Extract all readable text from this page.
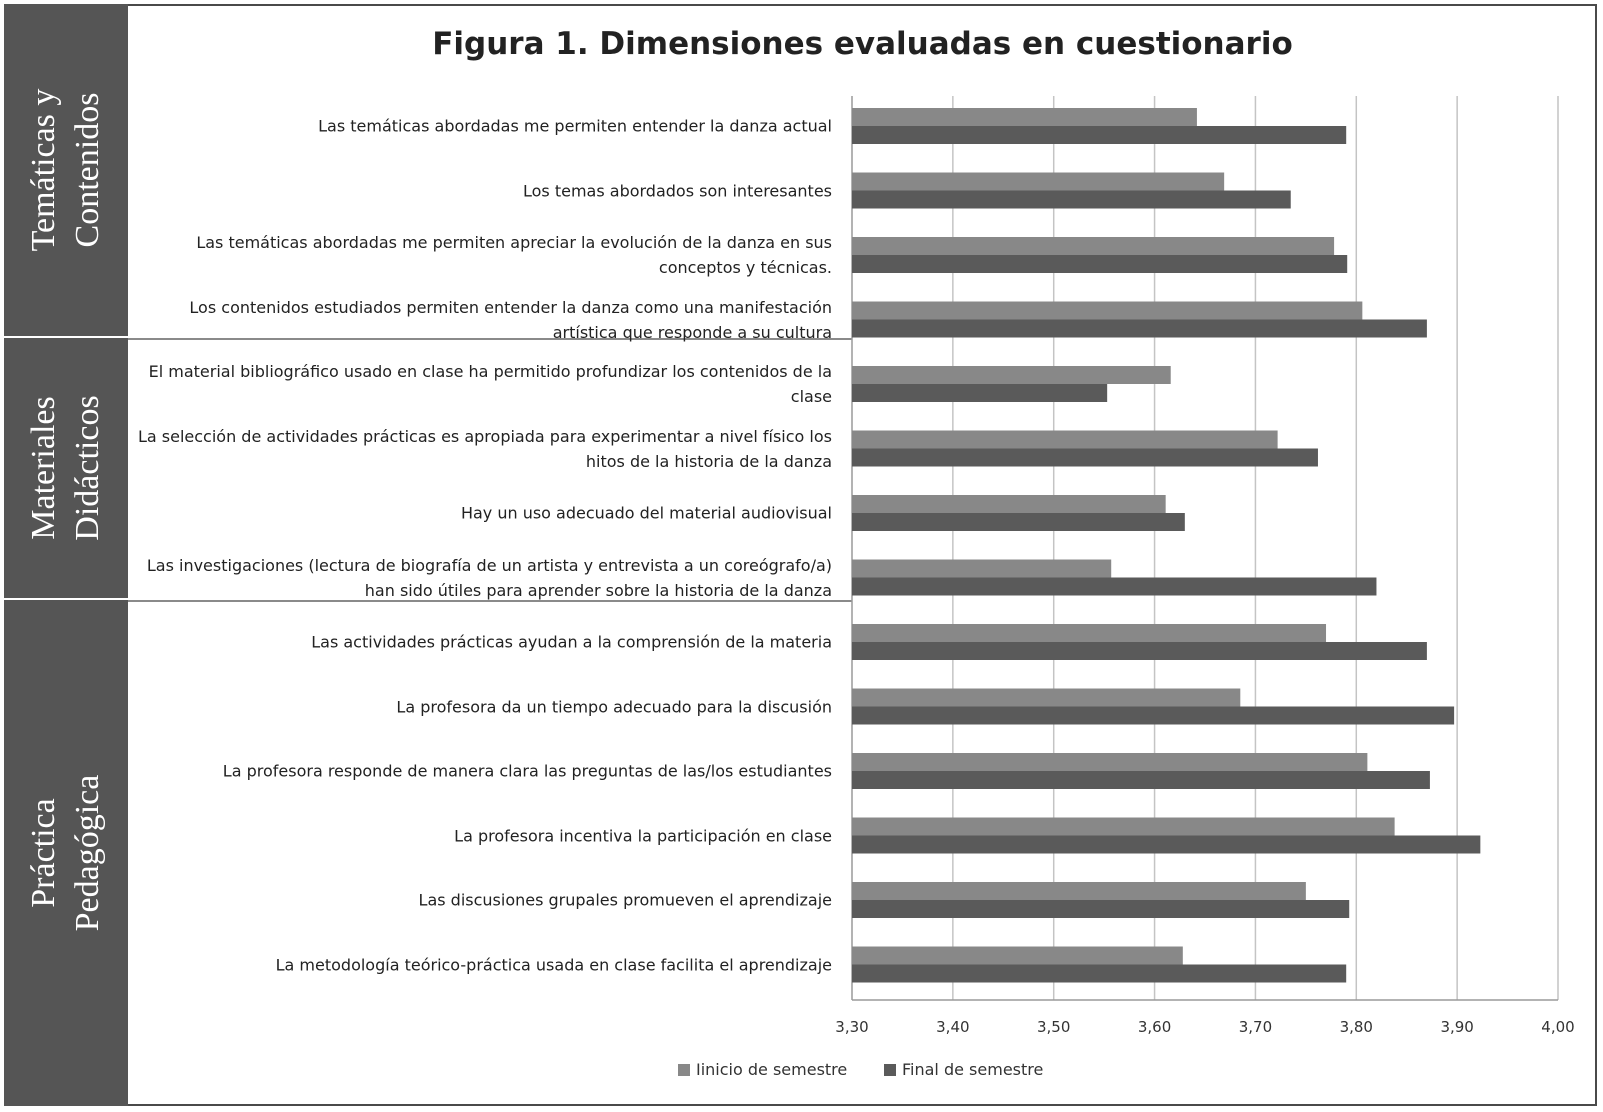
Temáticas y Contenidos
Materiales Didácticos
Práctica Pedagógica
Figura 1. Dimensiones evaluadas en cuestionario
3,30	3,40	3,50	3,60	3,70	3,80	3,90	4,00
Las temáticas abordadas me permiten entender la danza actual
Los temas abordados son interesantes
Las temáticas abordadas me permiten apreciar la evolución de la danza en sus conceptos y técnicas.
Los contenidos estudiados permiten entender la danza como una manifestación artística que responde a su cultura
El material bibliográfico usado en clase ha permitido profundizar los contenidos de la clase
La selección de actividades prácticas es apropiada para experimentar a nivel físico los hitos de la historia de la danza
Hay un uso adecuado del material audiovisual
Las investigaciones (lectura de biografía de un artista y entrevista a un coreógrafo/a) han sido útiles para aprender sobre la historia de la danza
Las actividades prácticas ayudan a la comprensión de la materia
La profesora da un tiempo adecuado para la discusión
La profesora responde de manera clara las preguntas de las/los estudiantes
La profesora incentiva la participación en clase
Las discusiones grupales promueven el aprendizaje
La metodología teórico-práctica usada en clase facilita el aprendizaje
Iinicio de semestre	Final de semestre
